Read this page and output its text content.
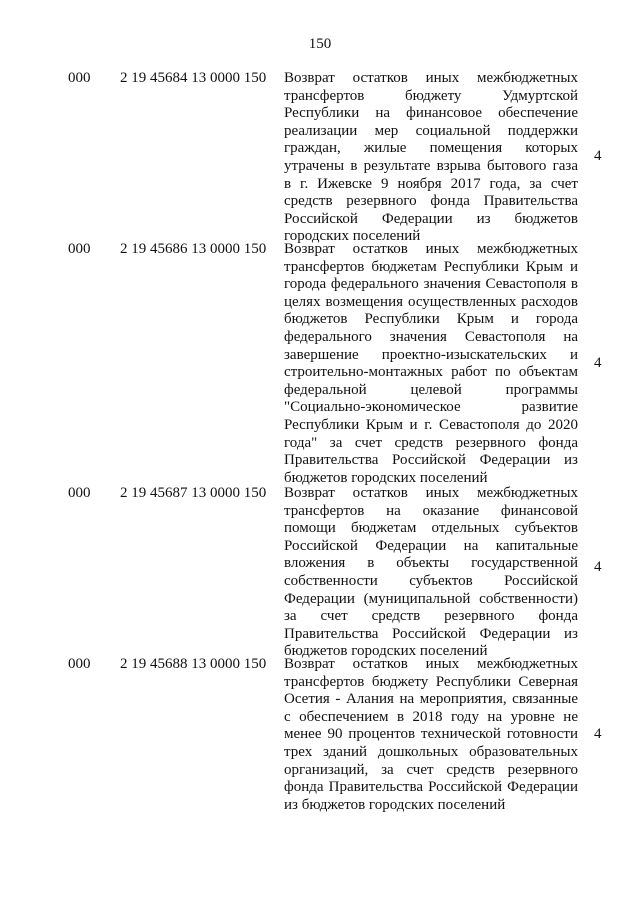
150
000 2 19 45684 13 0000 150 Возврат остатков иных межбюджетных
трансфертов бюджету Удмуртской
Республики на финансовое обеспечение
реализации мер социальной поддержки
граждан, жилые помещения которых
утрачены в результате взрыва бытового газа
в г. Ижевске 9 ноября 2017 года, за счет
средств резервного фонда Правительства
Российской Федерации из бюджетов
городских поселений
4
000 2 19 45686 13 0000 150 Возврат остатков иных межбюджетных
трансфертов бюджетам Республики Крым и
города федерального значения Севастополя в
целях возмещения осуществленных расходов
бюджетов Республики Крым и города
федерального значения Севастополя на
завершение проектно-изыскательских и
строительно-монтажных работ по объектам
федеральной целевой программы
"Социально-экономическое развитие
Республики Крым и г. Севастополя до 2020
года" за счет средств резервного фонда
Правительства Российской Федерации из
бюджетов городских поселений
4
000 2 19 45687 13 0000 150 Возврат остатков иных межбюджетных
трансфертов на оказание финансовой
помощи бюджетам отдельных субъектов
Российской Федерации на капитальные
вложения в объекты государственной
собственности субъектов Российской
Федерации (муниципальной собственности)
за счет средств резервного фонда
Правительства Российской Федерации из
бюджетов городских поселений
4
000 2 19 45688 13 0000 150 Возврат остатков иных межбюджетных
трансфертов бюджету Республики Северная
Осетия - Алания на мероприятия, связанные
с обеспечением в 2018 году на уровне не
менее 90 процентов технической готовности
трех зданий дошкольных образовательных
организаций, за счет средств резервного
фонда Правительства Российской Федерации
из бюджетов городских поселений
4
